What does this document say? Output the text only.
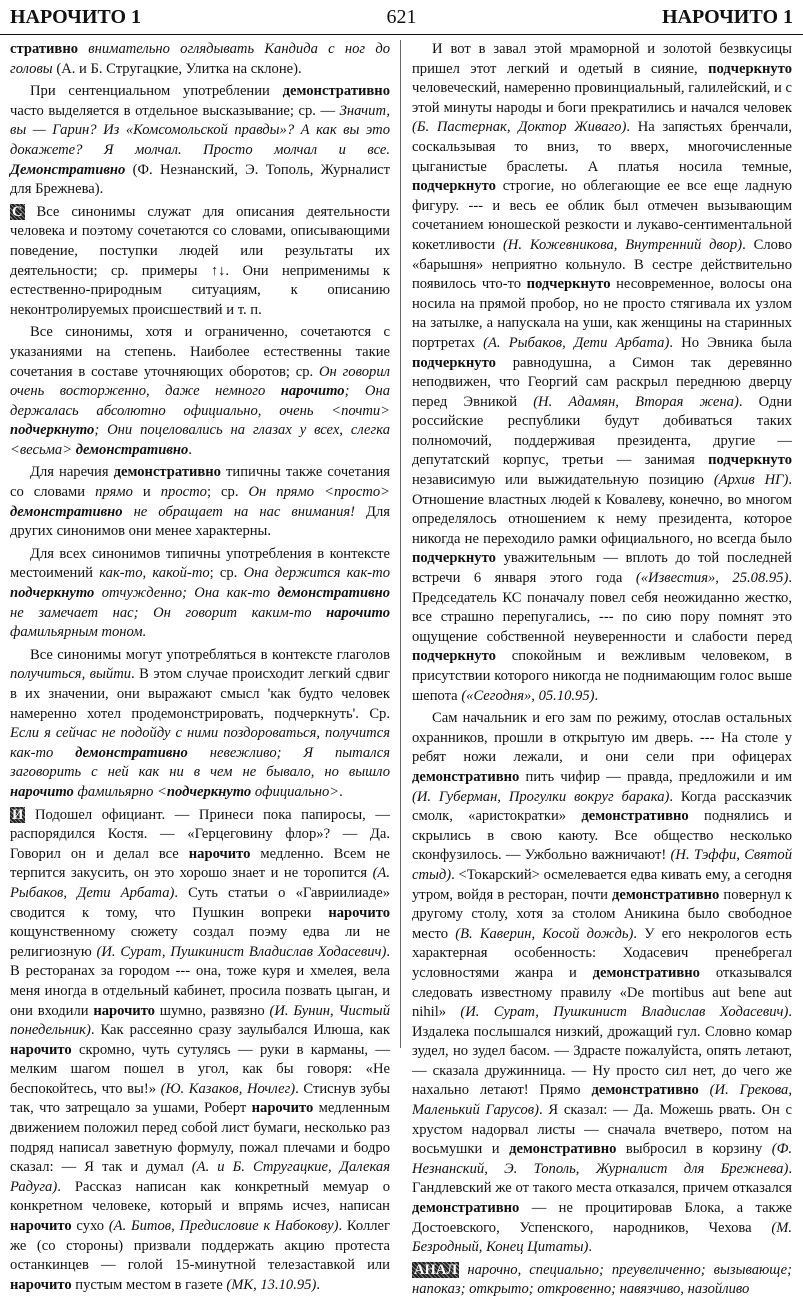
НАРОЧИТО 1	621	НАРОЧИТО 1

стративно внимательно оглядывать Кандида с ног до головы (А. и Б. Стругацкие, Улитка на склоне).

При сентенциальном употреблении демонстративно часто выделяется в отдельное высказывание; ср. — Значит, вы — Гарин? Из «Комсомольской правды»? А как вы это докажете? Я молчал. Просто молчал и все. Демонстративно (Ф. Незнанский, Э. Тополь, Журналист для Брежнева).

С Все синонимы служат для описания деятельности человека и поэтому сочетаются со словами, описывающими поведение, поступки людей или результаты их деятельности; ср. примеры ↑↓. Они неприменимы к естественно-природным ситуациям, к описанию неконтролируемых происшествий и т. п.

Все синонимы, хотя и ограниченно, сочетаются с указаниями на степень. Наиболее естественны такие сочетания в составе уточняющих оборотов; ср. Он говорил очень восторженно, даже немного нарочито; Она держалась абсолютно официально, очень <почти> подчеркнуто; Они поцеловались на глазах у всех, слегка <весьма> демонстративно.

Для наречия демонстративно типичны также сочетания со словами прямо и просто; ср. Он прямо <просто> демонстративно не обращает на нас внимания! Для других синонимов они менее характерны.

Для всех синонимов типичны употребления в контексте местоимений как-то, какой-то; ср. Она держится как-то подчеркнуто отчужденно; Она как-то демонстративно не замечает нас; Он говорит каким-то нарочито фамильярным тоном.

Все синонимы могут употребляться в контексте глаголов получиться, выйти. В этом случае происходит легкий сдвиг в их значении, они выражают смысл 'как будто человек намеренно хотел продемонстрировать, подчеркнуть'. Ср. Если я сейчас не подойду с ними поздороваться, получится как-то демонстративно невежливо; Я пытался заговорить с ней как ни в чем не бывало, но вышло нарочито фамильярно <подчеркнуто официально>.

И Подошел официант. — Принеси пока папиросы, — распорядился Костя. — «Герцеговину флор»? — Да. Говорил он и делал все нарочито медленно. Всем не терпится закусить, он это хорошо знает и не торопится (А. Рыбаков, Дети Арбата). Суть статьи о «Гавриилиаде» сводится к тому, что Пушкин вопреки нарочито кощунственному сюжету создал поэму едва ли не религиозную (И. Сурат, Пушкинист Владислав Ходасевич). В ресторанах за городом --- она, тоже куря и хмелея, вела меня иногда в отдельный кабинет, просила позвать цыган, и они входили нарочито шумно, развязно (И. Бунин, Чистый понедельник). Как рассеянно сразу заулыбался Илюша, как нарочито скромно, чуть сутулясь — руки в карманы, — мелким шагом пошел в угол, как бы говоря: «Не беспокойтесь, что вы!» (Ю. Казаков, Ночлег). Стиснув зубы так, что затрещало за ушами, Роберт нарочито медленным движением положил перед собой лист бумаги, несколько раз подряд написал заветную формулу, пожал плечами и бодро сказал: — Я так и думал (А. и Б. Стругацкие, Далекая Радуга). Рассказ написан как конкретный мемуар о конкретном человеке, который и впрямь исчез, написан нарочито сухо (А. Битов, Предисловие к Набокову). Коллег же (со стороны) призвали поддержать акцию протеста останкинцев — голой 15-минутной телезаставкой или нарочито пустым местом в газете (МК, 13.10.95).

И вот в завал этой мраморной и золотой безвкусицы пришел этот легкий и одетый в сияние, подчеркнуто человеческий, намеренно провинциальный, галилейский, и с этой минуты народы и боги прекратились и начался человек (Б. Пастернак, Доктор Живаго). На запястьях бренчали, соскальзывая то вниз, то вверх, многочисленные цыганистые браслеты. А платья носила темные, подчеркнуто строгие, но облегающие ее все еще ладную фигуру. --- и весь ее облик был отмечен вызывающим сочетанием юношеской резкости и лукаво-сентиментальной кокетливости (Н. Кожевникова, Внутренний двор). Слово «барышня» неприятно кольнуло. В сестре действительно появилось что-то подчеркнуто несовременное, волосы она носила на прямой пробор, но не просто стягивала их узлом на затылке, а напускала на уши, как женщины на старинных портретах (А. Рыбаков, Дети Арбата). Но Эвника была подчеркнуто равнодушна, а Симон так деревянно неподвижен, что Георгий сам раскрыл переднюю дверцу перед Эвникой (Н. Адамян, Вторая жена). Одни российские республики будут добиваться таких полномочий, поддерживая президента, другие — депутатский корпус, третьи — занимая подчеркнуто независимую или выжидательную позицию (Архив НГ). Отношение властных людей к Ковалеву, конечно, во многом определялось отношением к нему президента, которое никогда не переходило рамки официального, но всегда было подчеркнуто уважительным — вплоть до той последней встречи 6 января этого года («Известия», 25.08.95). Председатель КС поначалу повел себя неожиданно жестко, все страшно перепугались, --- по сию пору помнят это ощущение собственной неуверенности и слабости перед подчеркнуто спокойным и вежливым человеком, в присутствии которого никогда не поднимающим голос выше шепота («Сегодня», 05.10.95).

Сам начальник и его зам по режиму, отослав остальных охранников, прошли в открытую им дверь. --- На столе у ребят ножи лежали, и они сели при офицерах демонстративно пить чифир — правда, предложили и им (И. Губерман, Прогулки вокруг барака). Когда рассказчик смолк, «аристократки» демонстративно поднялись и скрылись в свою каюту. Все общество несколько сконфузилось. — Ужбольно важничают! (Н. Тэффи, Святой стыд). <Токарский> осмелевается едва кивать ему, а сегодня утром, войдя в ресторан, почти демонстративно повернул к другому столу, хотя за столом Аникина было свободное место (В. Каверин, Косой дождь). У его некрологов есть характерная особенность: Ходасевич пренебрегал условностями жанра и демонстративно отказывался следовать известному правилу «De mortibus aut bene aut nihil» (И. Сурат, Пушкинист Владислав Ходасевич). Издалека послышался низкий, дрожащий гул. Словно комар зудел, но зудел басом. — Здрасте пожалуйста, опять летают, — сказала дружинница. — Ну просто сил нет, до чего же нахально летают! Прямо демонстративно (И. Грекова, Маленький Гарусов). Я сказал: — Да. Можешь рвать. Он с хрустом надорвал листы — сначала вчетверо, потом на восьмушки и демонстративно выбросил в корзину (Ф. Незнанский, Э. Тополь, Журналист для Брежнева). Гандлевский же от такого места отказался, причем отказался демонстративно — не процитировав Блока, а также Достоевского, Успенского, народников, Чехова (М. Безродный, Конец Цитаты).

АНАЛ нарочно, специально; преувеличенно; вызывающе; напоказ; открыто; откровенно; навязчиво, назойливо
